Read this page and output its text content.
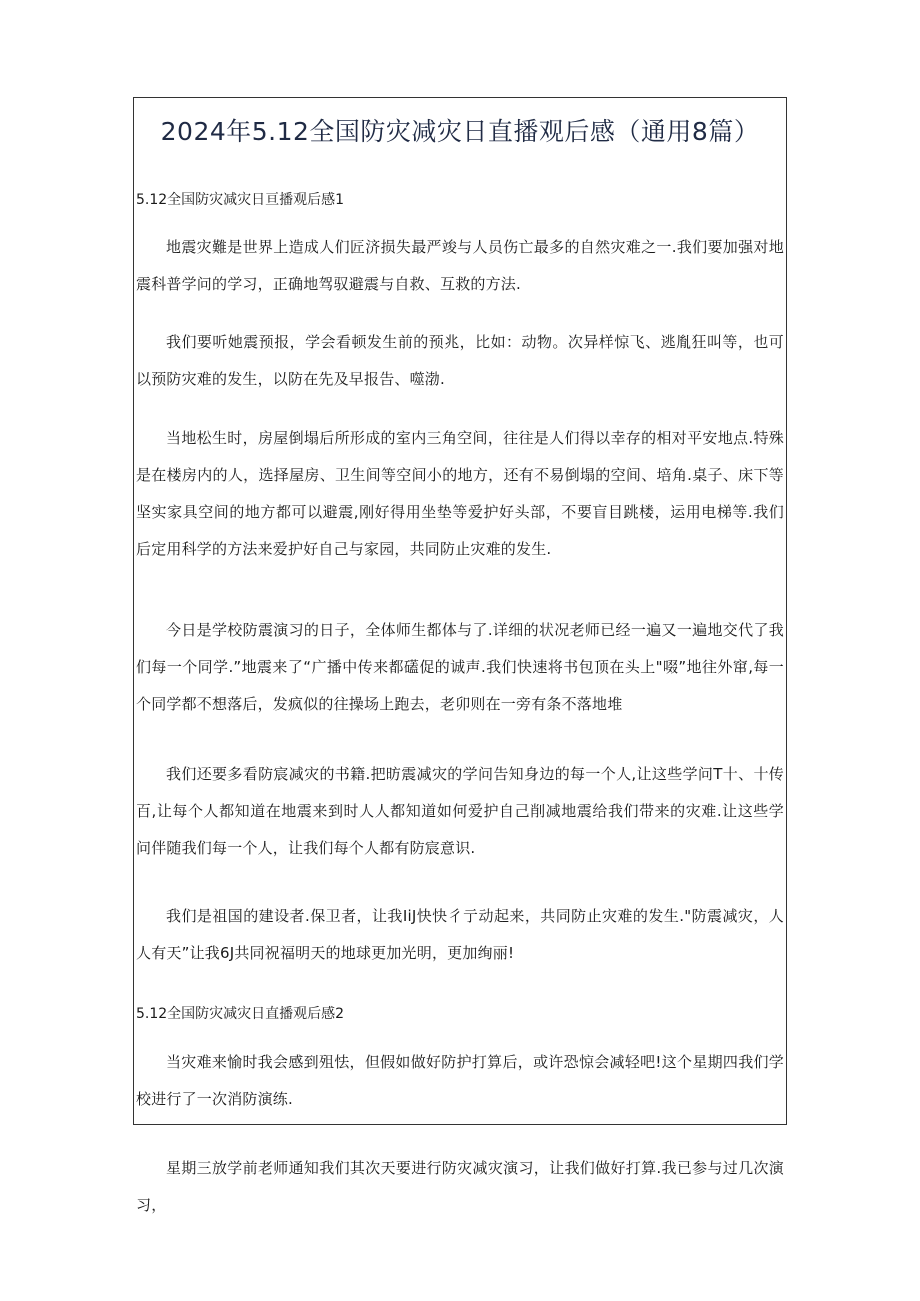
2024年5.12全国防灾减灾日直播观后感（通用8篇）
5.12全国防灾减灾日亘播观后感1

地震灾難是世界上造成人们匠济损失最严竣与人员伤亡最多的自然灾难之一.我们要加强对地震科普学问的学习，正确地驾驭避震与自救、互救的方法.

我们要听她震预报，学会看顿发生前的预兆，比如：动物。次异样惊飞、逃胤狂叫等，也可以预防灾难的发生，以防在先及早报告、噬渤.

当地松生时，房屋倒塌后所形成的室内三角空间，往往是人们得以幸存的相对平安地点.特殊是在楼房内的人，选择屋房、卫生间等空间小的地方，还有不易倒塌的空间、培角.桌子、床下等坚实家具空间的地方都可以避震,刚好得用坐垫等爱护好头部，不要盲目跳楼，运用电梯等.我们后定用科学的方法来爱护好自己与家园，共同防止灾难的发生.

今日是学校防震演习的日子，全体师生都体与了.详细的状况老师已经一遍又一遍地交代了我们每一个同学.”地震来了“广播中传来都礚促的诚声.我们快速将书包顶在头上"啜”地往外窜,每一个同学都不想落后，发疯似的往操场上跑去，老卯则在一旁有条不落地堆

我们还要多看防宸减灾的书籍.把昉震减灾的学问告知身边的每一个人,让这些学问T十、十传百,让每个人都知道在地震来到时人人都知道如何爱护自己削减地震给我们带来的灾难.让这些学问伴随我们每一个人，让我们每个人都有防宸意识.

我们是祖国的建设者.保卫者，让我IiJ快快彳亍动起来，共同防止灾难的发生."防震减灾，人人有天”让我6J共同祝福明天的地球更加光明，更加绚丽!

5.12全国防灾减灾日直播观后感2

当灾难来愉时我会感到殂怯，但假如做好防护打算后，或许恐惊会减轻吧!这个星期四我们学校进行了一次消防演练.

星期三放学前老师通知我们其次天要进行防灾减灾演习，让我们做好打算.我已参与过几次演习，
